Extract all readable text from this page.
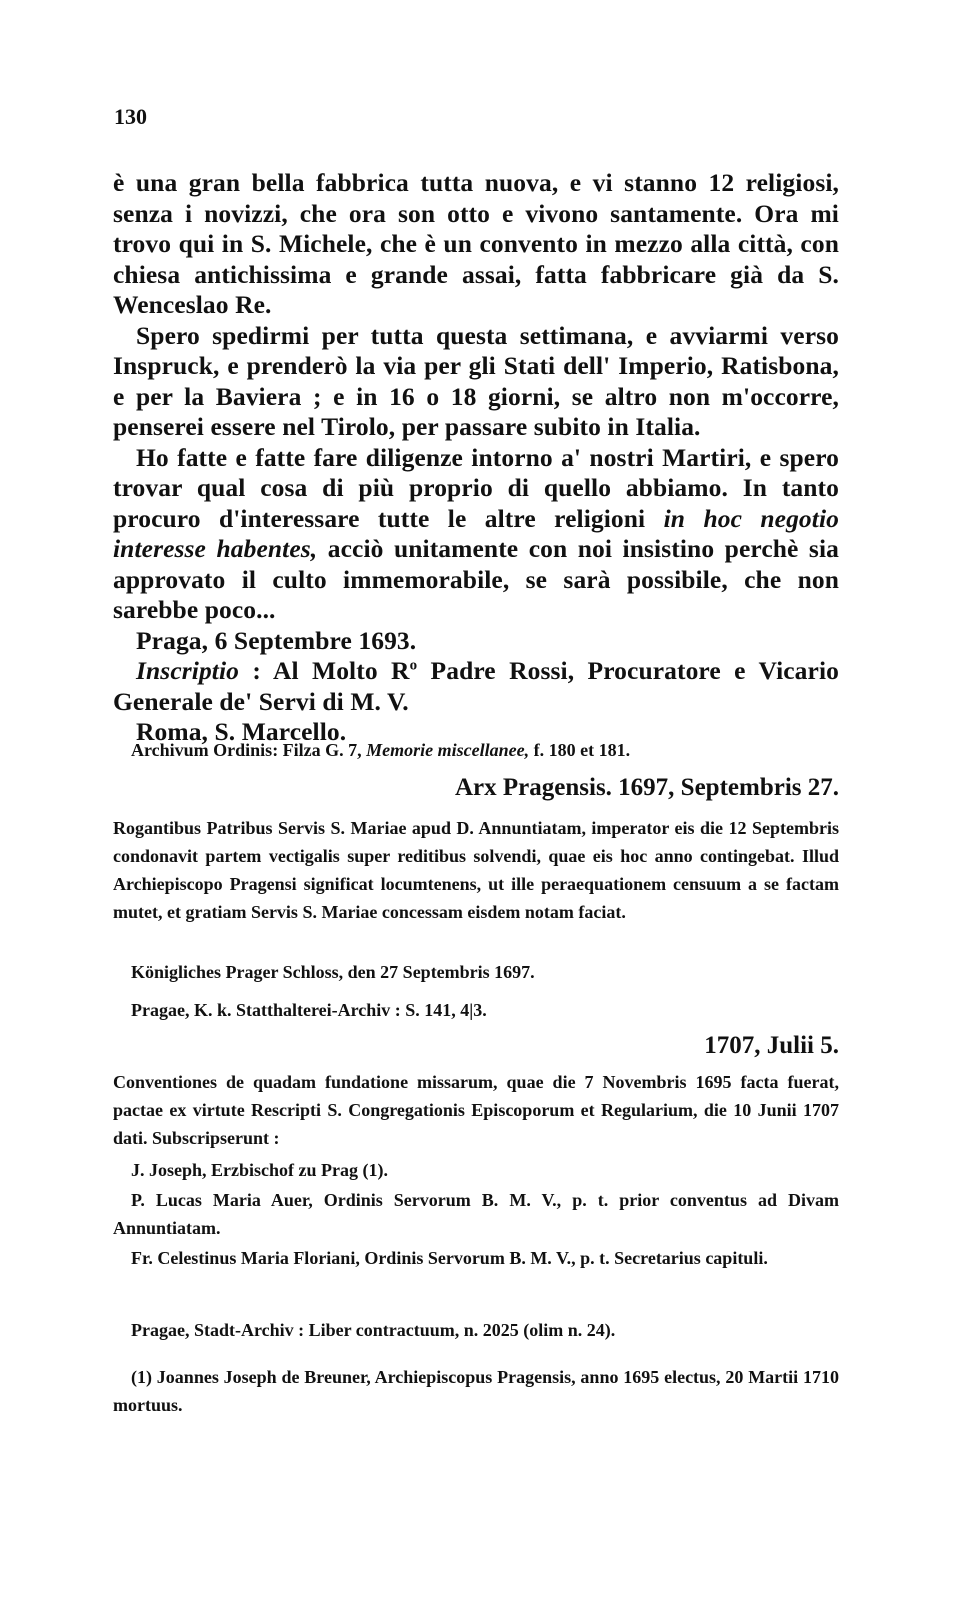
130

è una gran bella fabbrica tutta nuova, e vi stanno 12 religiosi, senza i novizzi, che ora son otto e vivono santamente. Ora mi trovo qui in S. Michele, che è un convento in mezzo alla città, con chiesa antichissima e grande assai, fatta fabbricare già da S. Wenceslao Re.

Spero spedirmi per tutta questa settimana, e avviarmi verso Inspruck, e prenderò la via per gli Stati dell' Imperio, Ratisbona, e per la Baviera ; e in 16 o 18 giorni, se altro non m'occorre, penserei essere nel Tirolo, per passare subito in Italia.

Ho fatte e fatte fare diligenze intorno a' nostri Martiri, e spero trovar qual cosa di più proprio di quello abbiamo. In tanto procuro d'interessare tutte le altre religioni in hoc negotio interesse habentes, acciò unitamente con noi insistino perchè sia approvato il culto immemorabile, se sarà possibile, che non sarebbe poco...

Praga, 6 Septembre 1693.

Inscriptio : Al Molto $R^o$ Padre Rossi, Procuratore e Vicario Generale de' Servi di M. V.

Roma, S. Marcello.

Archivum Ordinis: Filza G. 7, Memorie miscellanee, f. 180 et 181.
Arx Pragensis. 1697, Septembris 27.
Rogantibus Patribus Servis S. Mariae apud D. Annuntiatam, imperator eis die 12 Septembris condonavit partem vectigalis super reditibus solvendi, quae eis hoc anno contingebat. Illud Archiepiscopo Pragensi significat locumtenens, ut ille peraequationem censuum a se factam mutet, et gratiam Servis S. Mariae concessam eisdem notam faciat.
Königliches Prager Schloss, den 27 Septembris 1697.
Pragae, K. k. Statthalterei-Archiv : S. 141, 4|3.
1707, Julii 5.
Conventiones de quadam fundatione missarum, quae die 7 Novembris 1695 facta fuerat, pactae ex virtute Rescripti S. Congregationis Episcoporum et Regularium, die 10 Junii 1707 dati. Subscripserunt :
J. Joseph, Erzbischof zu Prag (1).
P. Lucas Maria Auer, Ordinis Servorum B. M. V., p. t. prior conventus ad Divam Annuntiatam.
Fr. Celestinus Maria Floriani, Ordinis Servorum B. M. V., p. t. Secretarius capituli.
Pragae, Stadt-Archiv : Liber contractuum, n. 2025 (olim n. 24).
(1) Joannes Joseph de Breuner, Archiepiscopus Pragensis, anno 1695 electus, 20 Martii 1710 mortuus.
